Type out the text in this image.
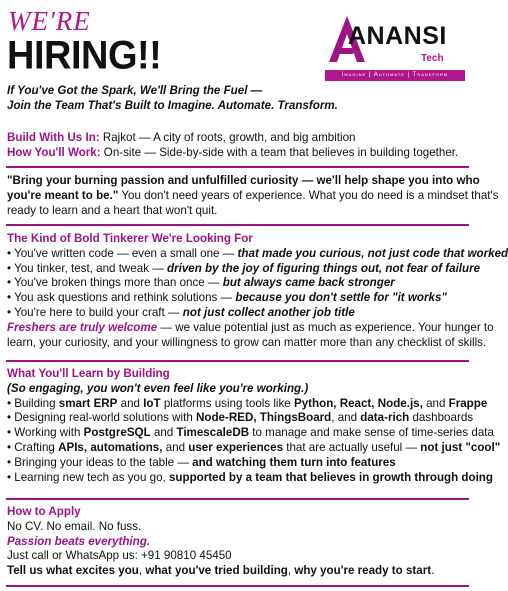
WE'RE
HIRING!!	ANANSI
Tech
Imagine | Automate | Transform
If You've Got the Spark, We'll Bring the Fuel —
Join the Team That's Built to Imagine. Automate. Transform.
Build With Us In: Rajkot — A city of roots, growth, and big ambition
How You'll Work: On-site — Side-by-side with a team that believes in building together.
"Bring your burning passion and unfulfilled curiosity — we'll help shape you into who
you're meant to be." You don't need years of experience. What you do need is a mindset that's
ready to learn and a heart that won't quit.
The Kind of Bold Tinkerer We're Looking For
• You've written code — even a small one — that made you curious, not just code that worked
• You tinker, test, and tweak — driven by the joy of figuring things out, not fear of failure
• You've broken things more than once — but always came back stronger
• You ask questions and rethink solutions — because you don't settle for "it works"
• You're here to build your craft — not just collect another job title
Freshers are truly welcome — we value potential just as much as experience. Your hunger to
learn, your curiosity, and your willingness to grow can matter more than any checklist of skills.
What You'll Learn by Building
(So engaging, you won't even feel like you're working.)
• Building smart ERP and IoT platforms using tools like Python, React, Node.js, and Frappe
• Designing real-world solutions with Node-RED, ThingsBoard, and data-rich dashboards
• Working with PostgreSQL and TimescaleDB to manage and make sense of time-series data
• Crafting APIs, automations, and user experiences that are actually useful — not just "cool"
• Bringing your ideas to the table — and watching them turn into features
• Learning new tech as you go, supported by a team that believes in growth through doing
How to Apply
No CV. No email. No fuss.
Passion beats everything.
Just call or WhatsApp us: +91 90810 45450
Tell us what excites you, what you've tried building, why you're ready to start.
